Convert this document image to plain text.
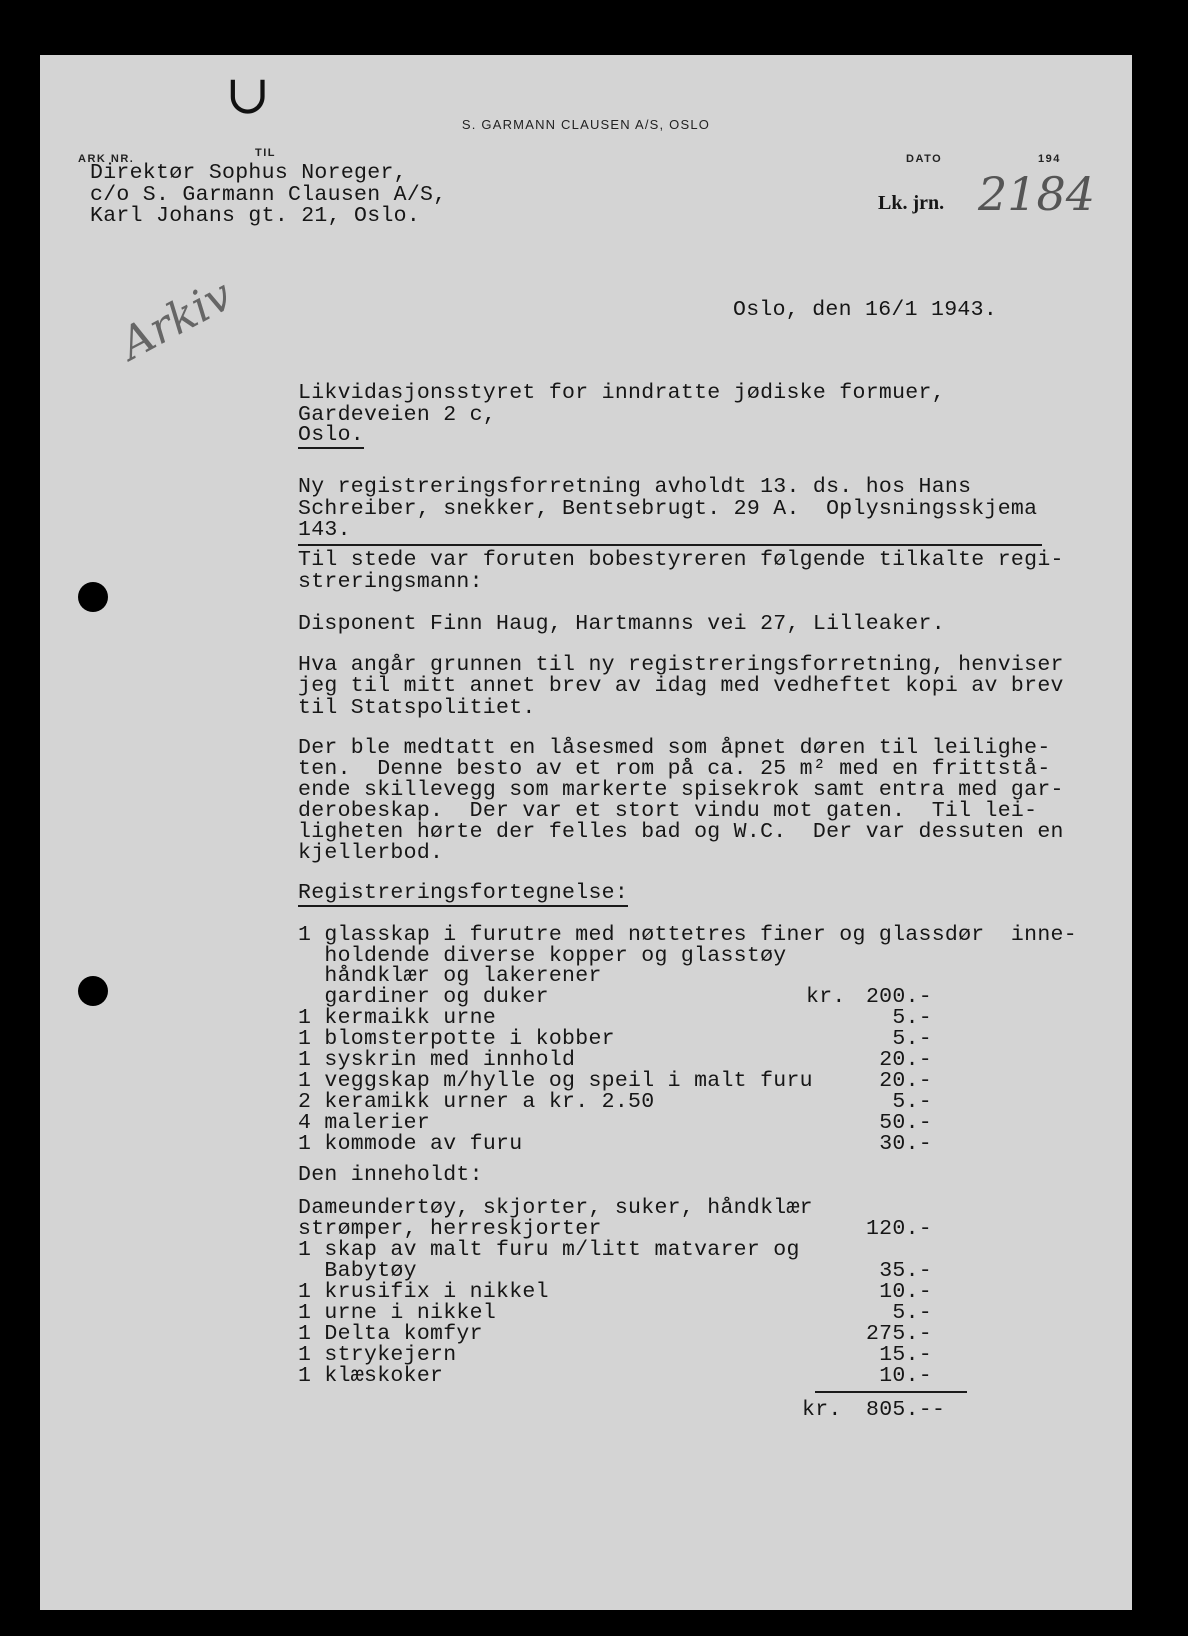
∪	S. GARMANN CLAUSEN A/S, OSLO
ARK NR.	TIL	DATO	194
Direktør Sophus Noreger,
c/o S. Garmann Clausen A/S,
Karl Johans gt. 21, Oslo.
Lk. jrn. 2184
Arkiv	Oslo, den 16/1 1943.
Likvidasjonsstyret for inndratte jødiske formuer,
Gardeveien 2 c,
Oslo.
Ny registreringsforretning avholdt 13. ds. hos Hans
Schreiber, snekker, Bentsebrugt. 29 A.  Oplysningsskjema
143.
Til stede var foruten bobestyreren følgende tilkalte regi-
streringsmann:
Disponent Finn Haug, Hartmanns vei 27, Lilleaker.
Hva angår grunnen til ny registreringsforretning, henviser
jeg til mitt annet brev av idag med vedheftet kopi av brev
til Statspolitiet.
Der ble medtatt en låsesmed som åpnet døren til leilighe-
ten.  Denne besto av et rom på ca. 25 m² med en frittstå-
ende skillevegg som markerte spisekrok samt entra med gar-
derobeskap.  Der var et stort vindu mot gaten.  Til lei-
ligheten hørte der felles bad og W.C.  Der var dessuten en
kjellerbod.
Registreringsfortegnelse:
1 glasskap i furutre med nøttetres finer og glassdør  inne-
holdende diverse kopper og glasstøy
håndklær og lakerener
gardiner og duker	kr. 200.-
1 kermaikk urne	5.-
1 blomsterpotte i kobber	5.-
1 syskrin med innhold	20.-
1 veggskap m/hylle og speil i malt furu	20.-
2 keramikk urner a kr. 2.50	5.-
4 malerier	50.-
1 kommode av furu	30.-
Den inneholdt:
Dameundertøy, skjorter, suker, håndklær
strømper, herreskjorter	120.-
1 skap av malt furu m/litt matvarer og
Babytøy	35.-
1 krusifix i nikkel	10.-
1 urne i nikkel	5.-
1 Delta komfyr	275.-
1 strykejern	15.-
1 klæskoker	10.-
kr. 805.--
